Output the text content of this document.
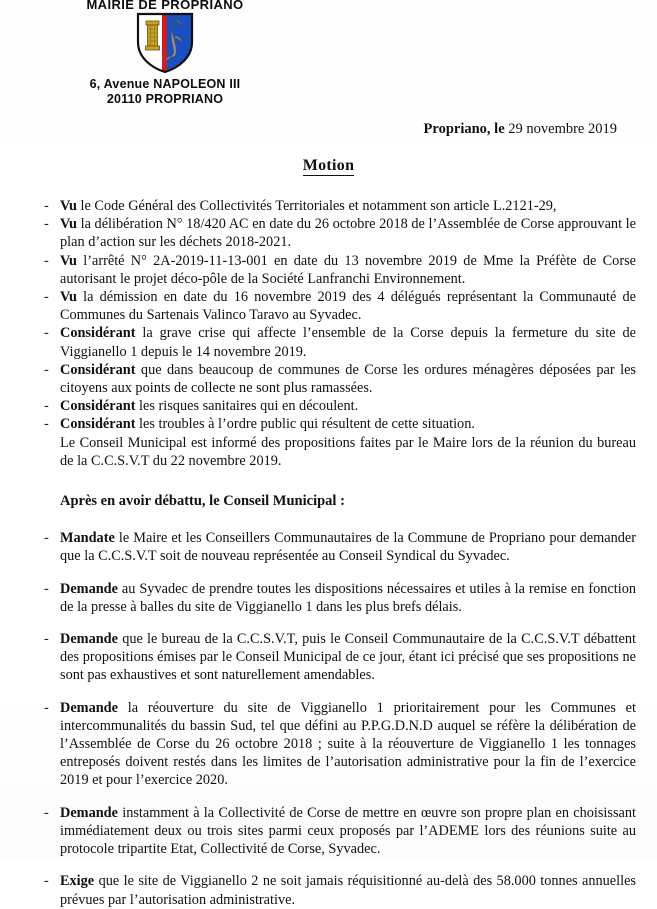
MAIRIE DE PROPRIANO
6, Avenue NAPOLEON III
20110 PROPRIANO
Propriano, le 29 novembre 2019
Motion
- Vu le Code Général des Collectivités Territoriales et notamment son article L.2121-29,
- Vu la délibération N° 18/420 AC en date du 26 octobre 2018 de l’Assemblée de Corse approuvant le plan d’action sur les déchets 2018-2021.
- Vu l’arrêté N° 2A-2019-11-13-001 en date du 13 novembre 2019 de Mme la Préfète de Corse autorisant le projet déco-pôle de la Société Lanfranchi Environnement.
- Vu la démission en date du 16 novembre 2019 des 4 délégués représentant la Communauté de Communes du Sartenais Valinco Taravo au Syvadec.
- Considérant la grave crise qui affecte l’ensemble de la Corse depuis la fermeture du site de Viggianello 1 depuis le 14 novembre 2019.
- Considérant que dans beaucoup de communes de Corse les ordures ménagères déposées par les citoyens aux points de collecte ne sont plus ramassées.
- Considérant les risques sanitaires qui en découlent.
- Considérant les troubles à l’ordre public qui résultent de cette situation.
Le Conseil Municipal est informé des propositions faites par le Maire lors de la réunion du bureau de la C.C.S.V.T du 22 novembre 2019.
Après en avoir débattu, le Conseil Municipal :
- Mandate le Maire et les Conseillers Communautaires de la Commune de Propriano pour demander que la C.C.S.V.T soit de nouveau représentée au Conseil Syndical du Syvadec.
- Demande au Syvadec de prendre toutes les dispositions nécessaires et utiles à la remise en fonction de la presse à balles du site de Viggianello 1 dans les plus brefs délais.
- Demande que le bureau de la C.C.S.V.T, puis le Conseil Communautaire de la C.C.S.V.T débattent des propositions émises par le Conseil Municipal de ce jour, étant ici précisé que ses propositions ne sont pas exhaustives et sont naturellement amendables.
- Demande la réouverture du site de Viggianello 1 prioritairement pour les Communes et intercommunalités du bassin Sud, tel que défini au P.P.G.D.N.D auquel se réfère la délibération de l’Assemblée de Corse du 26 octobre 2018 ; suite à la réouverture de Viggianello 1 les tonnages entreposés doivent restés dans les limites de l’autorisation administrative pour la fin de l’exercice 2019 et pour l’exercice 2020.
- Demande instamment à la Collectivité de Corse de mettre en œuvre son propre plan en choisissant immédiatement deux ou trois sites parmi ceux proposés par l’ADEME lors des réunions suite au protocole tripartite Etat, Collectivité de Corse, Syvadec.
- Exige que le site de Viggianello 2 ne soit jamais réquisitionné au-delà des 58.000 tonnes annuelles prévues par l’autorisation administrative.
